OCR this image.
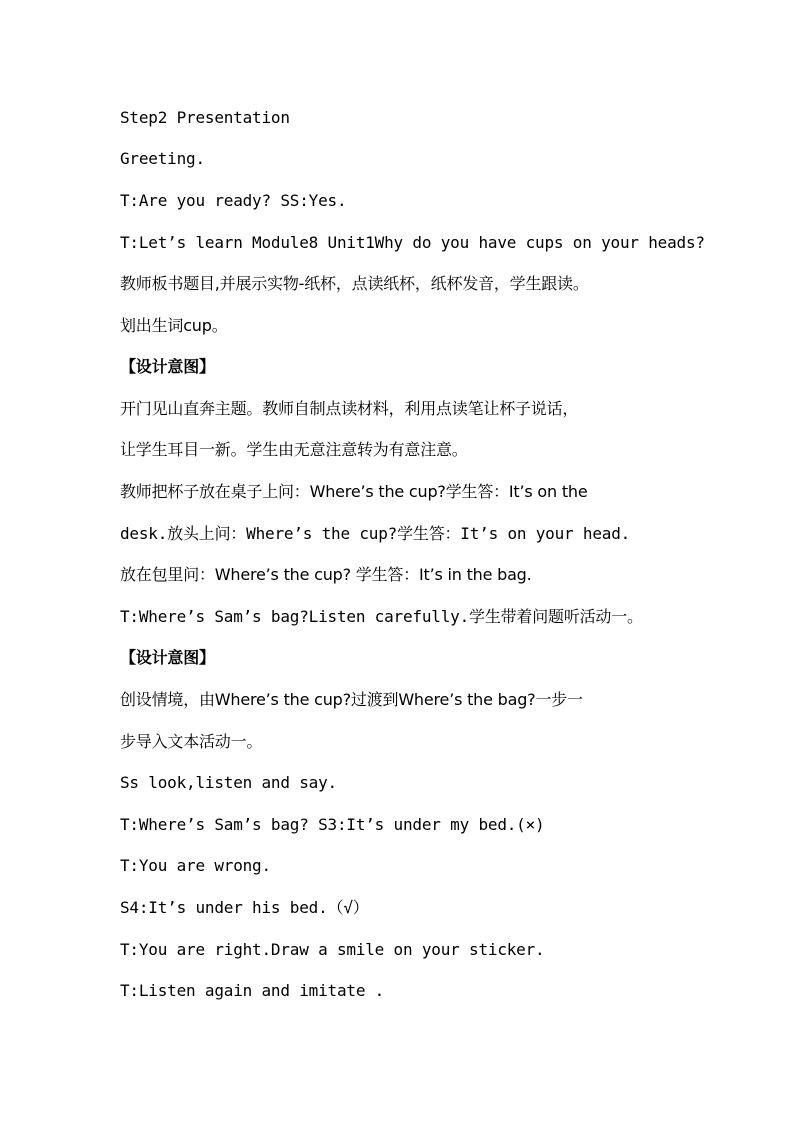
Step2 Presentation
Greeting.
T:Are you ready? SS:Yes.
T:Let’s learn Module8 Unit1Why do you have cups on your heads?
教师板书题目,并展示实物-纸杯，点读纸杯，纸杯发音，学生跟读。
划出生词cup。
【设计意图】
开门见山直奔主题。教师自制点读材料，利用点读笔让杯子说话，
让学生耳目一新。学生由无意注意转为有意注意。
教师把杯子放在桌子上问：Where’s the cup?学生答：It’s on the
desk.放头上问：Where’s the cup?学生答：It’s on your head.
放在包里问：Where’s the cup? 学生答：It’s in the bag.
T:Where’s Sam’s bag?Listen carefully.学生带着问题听活动一。
【设计意图】
创设情境，由Where’s the cup?过渡到Where’s the bag?一步一
步导入文本活动一。
Ss look,listen and say.
T:Where’s Sam’s bag? S3:It’s under my bed.(×)
T:You are wrong.
S4:It’s under his bed.（√）
T:You are right.Draw a smile on your sticker.
T:Listen again and imitate .
